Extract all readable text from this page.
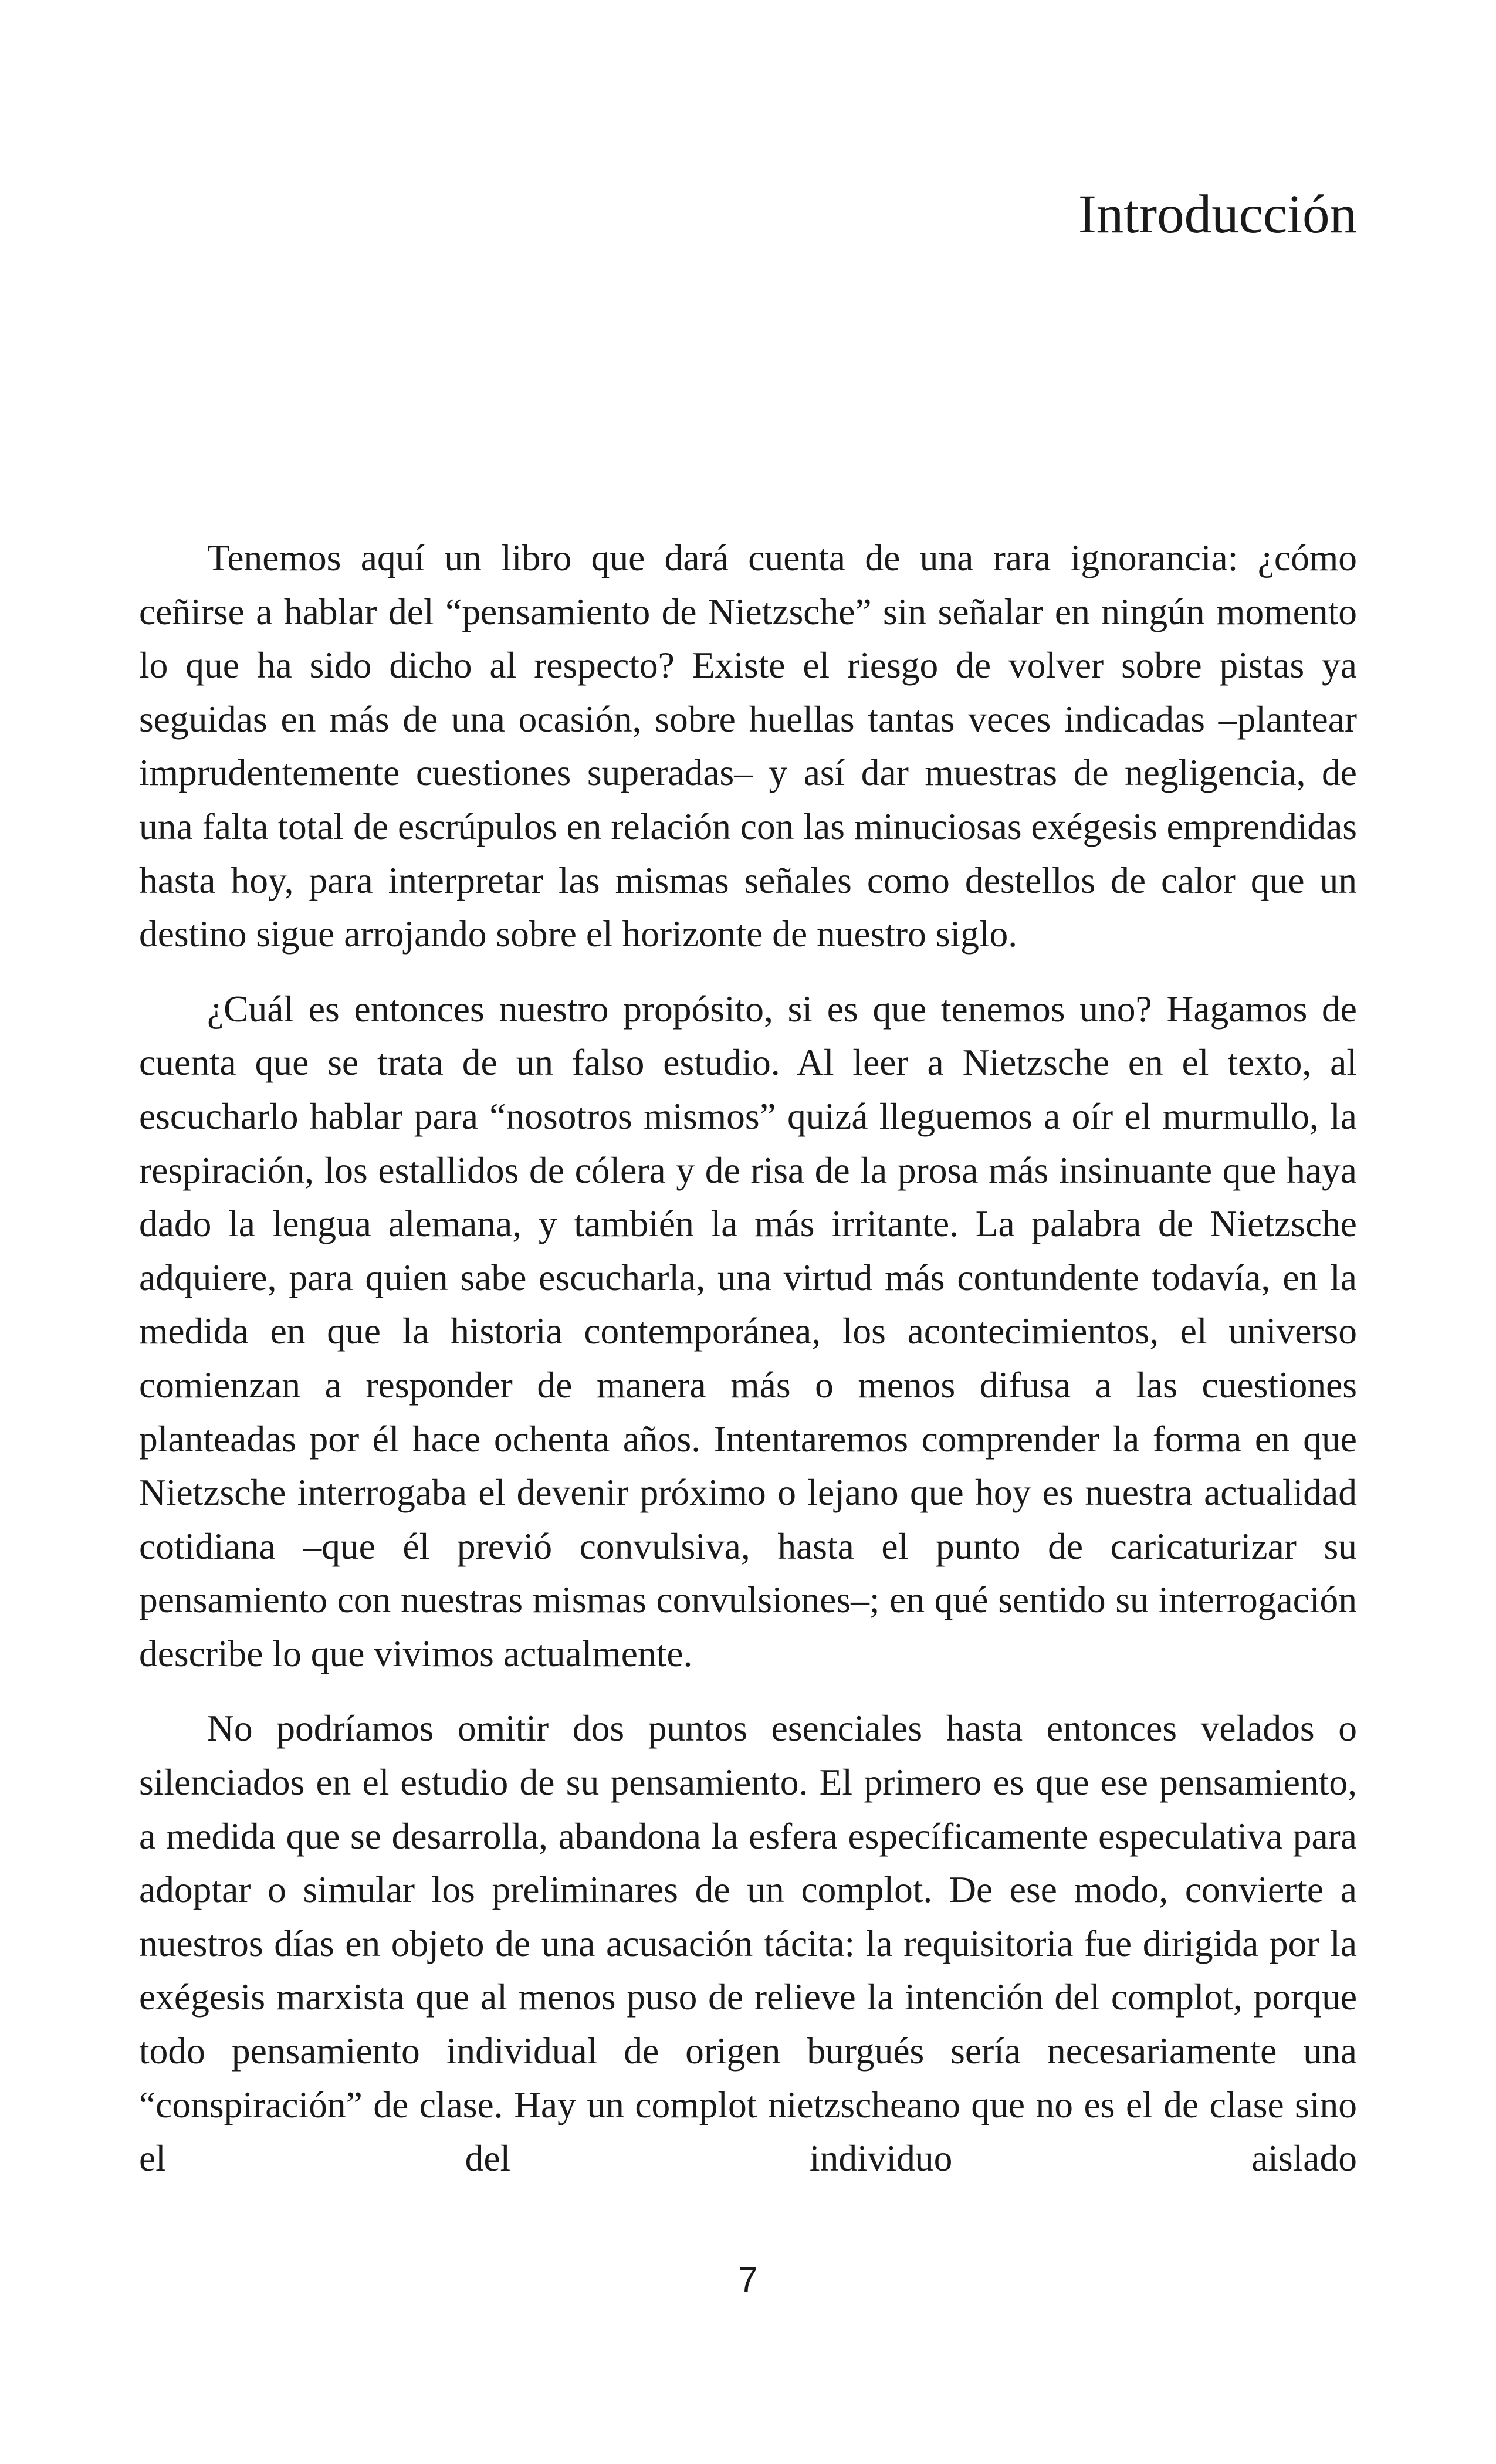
Introducción

Tenemos aquí un libro que dará cuenta de una rara ignorancia: ¿cómo ceñirse a hablar del “pensamiento de Nietzsche” sin señalar en ningún momento lo que ha sido dicho al respecto? Existe el riesgo de volver sobre pistas ya seguidas en más de una ocasión, sobre huellas tantas veces indicadas –plantear imprudentemente cuestiones superadas– y así dar muestras de negligencia, de una falta total de escrúpulos en relación con las minuciosas exégesis emprendidas hasta hoy, para interpretar las mismas señales como destellos de calor que un destino sigue arrojando sobre el horizonte de nuestro siglo.

¿Cuál es entonces nuestro propósito, si es que tenemos uno? Hagamos de cuenta que se trata de un falso estudio. Al leer a Nietzsche en el texto, al escucharlo hablar para “nosotros mismos” quizá lleguemos a oír el murmullo, la respiración, los estallidos de cólera y de risa de la prosa más insinuante que haya dado la lengua alemana, y también la más irritante. La palabra de Nietzsche adquiere, para quien sabe escucharla, una virtud más contundente todavía, en la medida en que la historia contemporánea, los acontecimientos, el universo comienzan a responder de manera más o menos difusa a las cuestiones planteadas por él hace ochenta años. Intentaremos comprender la forma en que Nietzsche interrogaba el devenir próximo o lejano que hoy es nuestra actualidad cotidiana –que él previó convulsiva, hasta el punto de caricaturizar su pensamiento con nuestras mismas convulsiones–; en qué sentido su interrogación describe lo que vivimos actualmente.

No podríamos omitir dos puntos esenciales hasta entonces velados o silenciados en el estudio de su pensamiento. El primero es que ese pensamiento, a medida que se desarrolla, abandona la esfera específicamente especulativa para adoptar o simular los preliminares de un complot. De ese modo, convierte a nuestros días en objeto de una acusación tácita: la requisitoria fue dirigida por la exégesis marxista que al menos puso de relieve la intención del complot, porque todo pensamiento individual de origen burgués sería necesariamente una “conspiración” de clase. Hay un complot nietzscheano que no es el de clase sino el del individuo aislado

7
